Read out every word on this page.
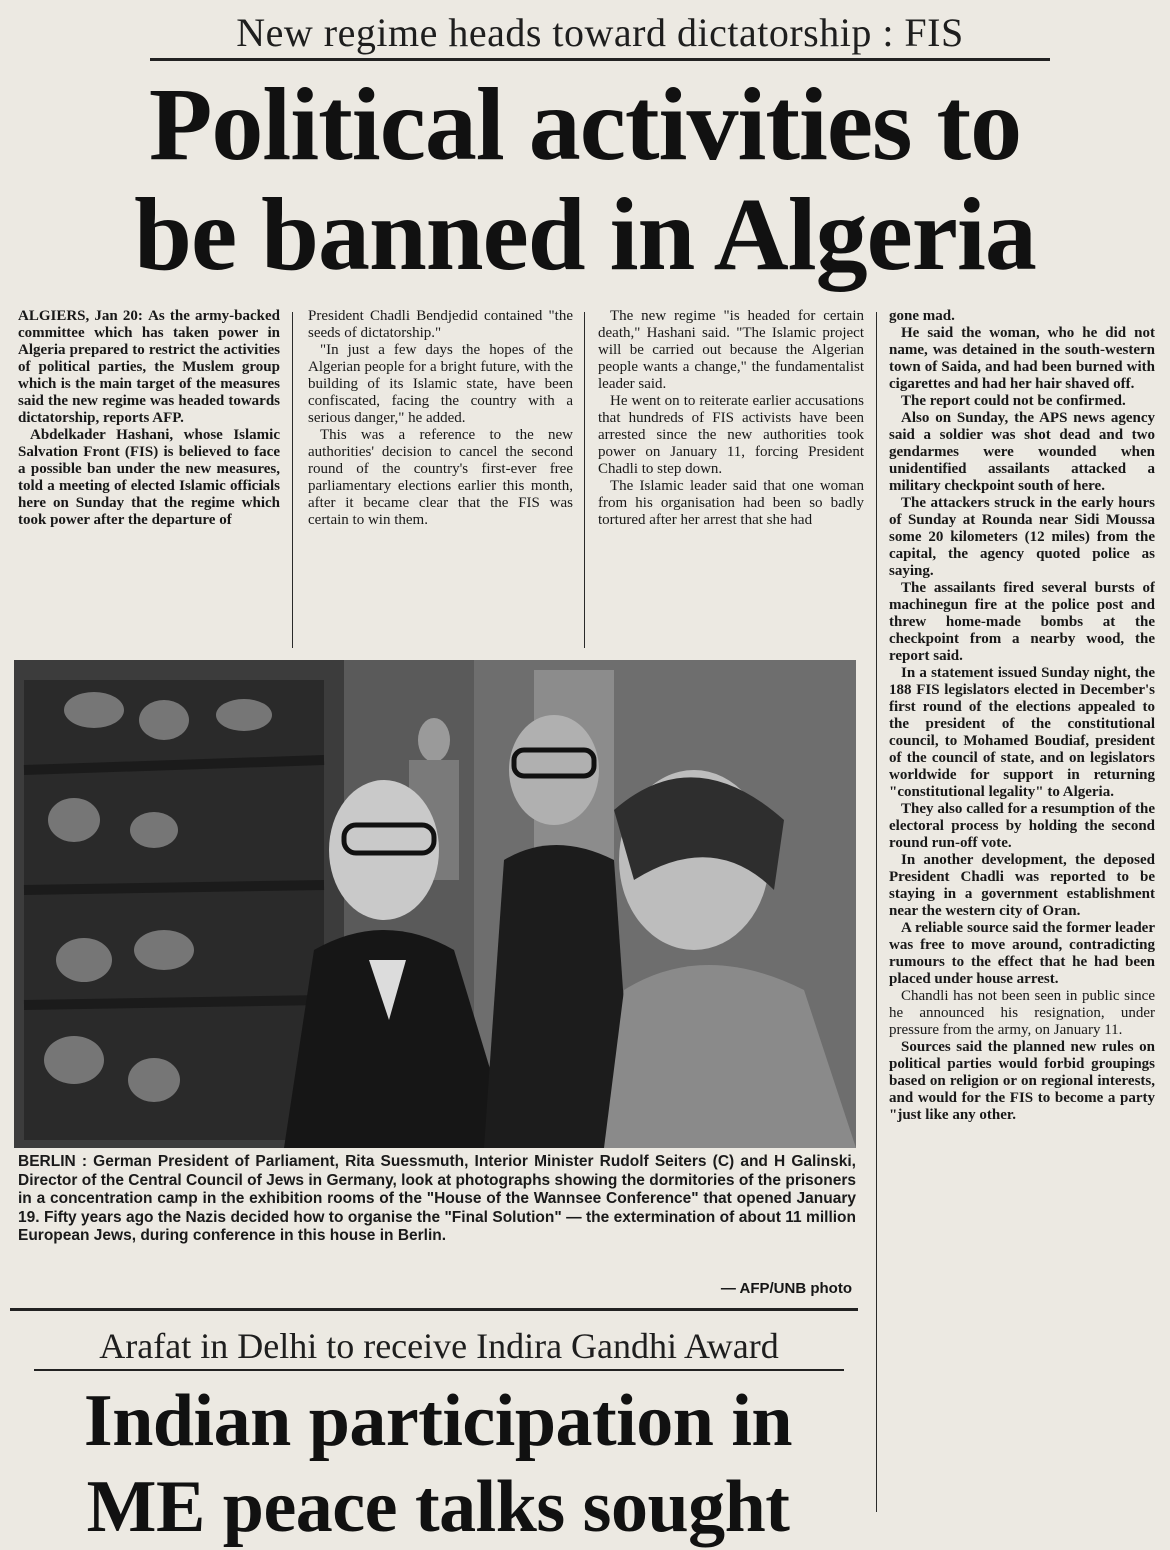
New regime heads toward dictatorship : FIS
Political activities to
be banned in Algeria

ALGIERS, Jan 20: As the army-backed committee which has taken power in Algeria prepared to restrict the activities of political parties, the Muslem group which is the main target of the measures said the new regime was headed towards dictatorship, reports AFP.

Abdelkader Hashani, whose Islamic Salvation Front (FIS) is believed to face a possible ban under the new measures, told a meeting of elected Islamic officials here on Sunday that the regime which took power after the departure of

President Chadli Bendjedid contained "the seeds of dictatorship."

"In just a few days the hopes of the Algerian people for a bright future, with the building of its Islamic state, have been confiscated, facing the country with a serious danger," he added.

This was a reference to the new authorities' decision to cancel the second round of the country's first-ever free parliamentary elections earlier this month, after it became clear that the FIS was certain to win them.

The new regime "is headed for certain death," Hashani said. "The Islamic project will be carried out because the Algerian people wants a change," the fundamentalist leader said.

He went on to reiterate earlier accusations that hundreds of FIS activists have been arrested since the new authorities took power on January 11, forcing President Chadli to step down.

The Islamic leader said that one woman from his organisation had been so badly tortured after her arrest that she had

gone mad.

He said the woman, who he did not name, was detained in the south-western town of Saida, and had been burned with cigarettes and had her hair shaved off.

The report could not be confirmed.

Also on Sunday, the APS news agency said a soldier was shot dead and two gendarmes were wounded when unidentified assailants attacked a military checkpoint south of here.

The attackers struck in the early hours of Sunday at Rounda near Sidi Moussa some 20 kilometers (12 miles) from the capital, the agency quoted police as saying.

The assailants fired several bursts of machinegun fire at the police post and threw home-made bombs at the checkpoint from a nearby wood, the report said.

In a statement issued Sunday night, the 188 FIS legislators elected in December's first round of the elections appealed to the president of the constitutional council, to Mohamed Boudiaf, president of the council of state, and on legislators worldwide for support in returning "constitutional legality" to Algeria.

They also called for a resumption of the electoral process by holding the second round run-off vote.

In another development, the deposed President Chadli was reported to be staying in a government establishment near the western city of Oran.

A reliable source said the former leader was free to move around, contradicting rumours to the effect that he had been placed under house arrest.

Chandli has not been seen in public since he announced his resignation, under pressure from the army, on January 11.

Sources said the planned new rules on political parties would forbid groupings based on religion or on regional interests, and would for the FIS to become a party "just like any other.

BERLIN : German President of Parliament, Rita Suessmuth, Interior Minister Rudolf Seiters (C) and H Galinski, Director of the Central Council of Jews in Germany, look at photographs showing the dormitories of the prisoners in a concentration camp in the exhibition rooms of the "House of the Wannsee Conference" that opened January 19. Fifty years ago the Nazis decided how to organise the "Final Solution" — the extermination of about 11 million European Jews, during conference in this house in Berlin.
— AFP/UNB photo
Arafat in Delhi to receive Indira Gandhi Award
Indian participation in ME peace talks sought
